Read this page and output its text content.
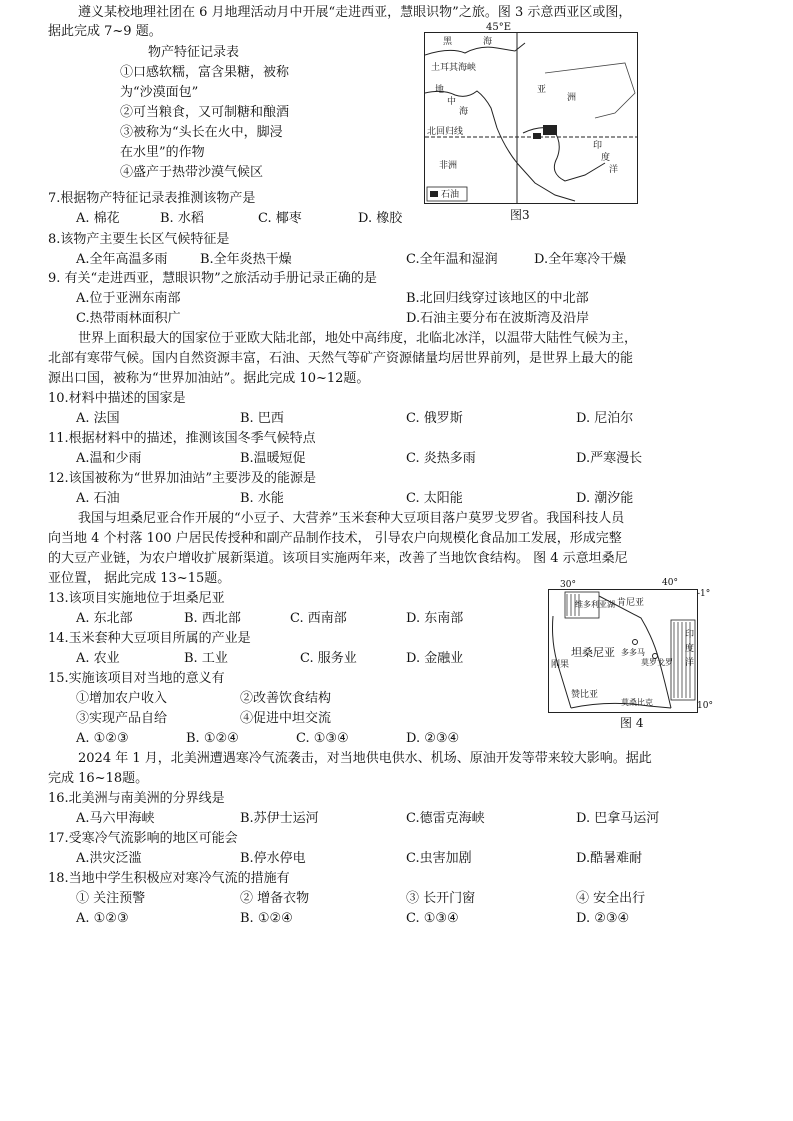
遵义某校地理社团在 6 月地理活动月中开展“走进西亚，慧眼识物”之旅。图 3 示意西亚区或图，
据此完成 7~9 题。
物产特征记录表
①口感软糯，富含果糖，被称
为“沙漠面包”
②可当粮食，又可制糖和酿酒
③被称为“头长在火中，脚浸
在水里”的作物
④盛产于热带沙漠气候区
黑	海
土耳其海峡
地
中
海
亚
洲
北回归线
非洲
印
度
洋
石油
45°E
图3
7.根据物产特征记录表推测该物产是
A. 棉花	B. 水稻	C. 椰枣	D. 橡胶
8.该物产主要生长区气候特征是
A.全年高温多雨 B.全年炎热干燥	C.全年温和湿润	D.全年寒冷干燥
9. 有关“走进西亚，慧眼识物”之旅活动手册记录正确的是
A.位于亚洲东南部	B.北回归线穿过该地区的中北部
C.热带雨林面积广	D.石油主要分布在波斯湾及沿岸
世界上面积最大的国家位于亚欧大陆北部，地处中高纬度，北临北冰洋，以温带大陆性气候为主，
北部有寒带气候。国内自然资源丰富，石油、天然气等矿产资源储量均居世界前列，是世界上最大的能
源出口国，被称为“世界加油站”。据此完成 10~12题。
10.材料中描述的国家是
A. 法国	B. 巴西	C. 俄罗斯	D. 尼泊尔
11.根据材料中的描述，推测该国冬季气候特点
A.温和少雨	B.温暖短促	C. 炎热多雨	D.严寒漫长
12.该国被称为“世界加油站”主要涉及的能源是
A. 石油	B. 水能	C. 太阳能	D. 潮汐能
我国与坦桑尼亚合作开展的“小豆子、大营养”玉米套种大豆项目落户莫罗戈罗省。我国科技人员
向当地 4 个村落 100 户居民传授种和副产品制作技术， 引导农户向规模化食品加工发展，形成完整
的大豆产业链，为农户增收扩展新渠道。该项目实施两年来，改善了当地饮食结构。 图 4 示意坦桑尼
亚位置， 据此完成 13~15题。
维多利亚湖 肯尼亚
印
度
洋
坦桑尼亚 多多马
莫罗戈罗
刚果
赞比亚
莫桑比克
30°	40°
-1°
10°
图 4
13.该项目实施地位于坦桑尼亚
A. 东北部	B. 西北部	C. 西南部	D. 东南部
14.玉米套种大豆项目所属的产业是
A. 农业	B. 工业	C. 服务业	D. 金融业
15.实施该项目对当地的意义有
①增加农户收入	②改善饮食结构
③实现产品自给	④促进中坦交流
A. ①②③	B. ①②④	C. ①③④	D. ②③④
2024 年 1 月，北美洲遭遇寒冷气流袭击，对当地供电供水、机场、原油开发等带来较大影响。据此
完成 16~18题。
16.北美洲与南美洲的分界线是
A.马六甲海峡	B.苏伊士运河	C.德雷克海峡	D. 巴拿马运河
17.受寒冷气流影响的地区可能会
A.洪灾泛滥	B.停水停电	C.虫害加剧	D.酷暑难耐
18.当地中学生积极应对寒冷气流的措施有
① 关注预警	② 增备衣物	③ 长开门窗	④ 安全出行
A. ①②③	B. ①②④	C. ①③④	D. ②③④
